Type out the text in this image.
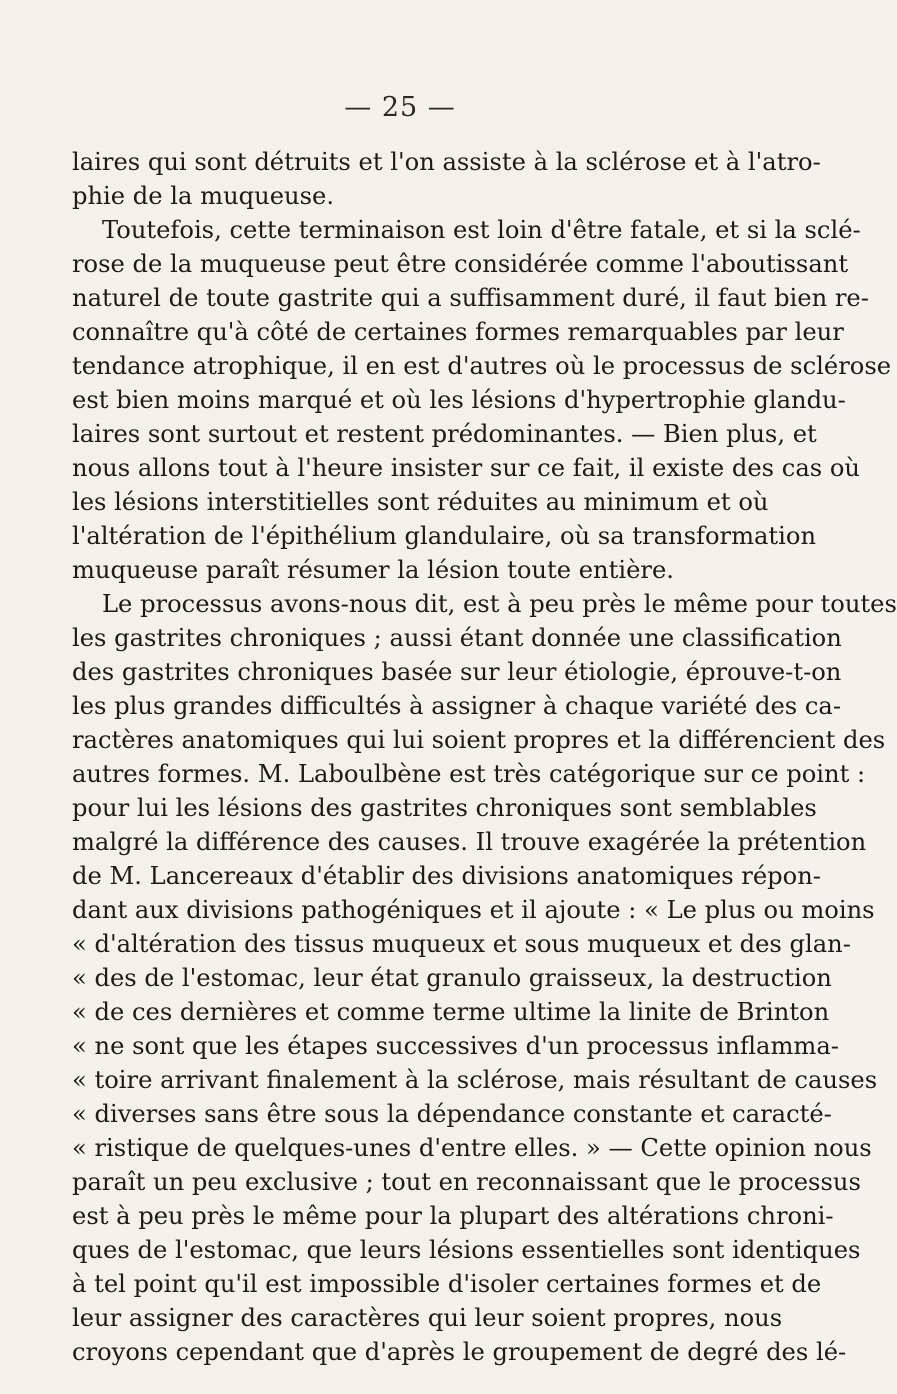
— 25 —
laires qui sont détruits et l'on assiste à la sclérose et à l'atro-
phie de la muqueuse.
Toutefois, cette terminaison est loin d'être fatale, et si la sclé-
rose de la muqueuse peut être considérée comme l'aboutissant
naturel de toute gastrite qui a suffisamment duré, il faut bien re-
connaître qu'à côté de certaines formes remarquables par leur
tendance atrophique, il en est d'autres où le processus de sclérose
est bien moins marqué et où les lésions d'hypertrophie glandu-
laires sont surtout et restent prédominantes. — Bien plus, et
nous allons tout à l'heure insister sur ce fait, il existe des cas où
les lésions interstitielles sont réduites au minimum et où
l'altération de l'épithélium glandulaire, où sa transformation
muqueuse paraît résumer la lésion toute entière.
Le processus avons-nous dit, est à peu près le même pour toutes
les gastrites chroniques ; aussi étant donnée une classification
des gastrites chroniques basée sur leur étiologie, éprouve-t-on
les plus grandes difficultés à assigner à chaque variété des ca-
ractères anatomiques qui lui soient propres et la différencient des
autres formes. M. Laboulbène est très catégorique sur ce point :
pour lui les lésions des gastrites chroniques sont semblables
malgré la différence des causes. Il trouve exagérée la prétention
de M. Lancereaux d'établir des divisions anatomiques répon-
dant aux divisions pathogéniques et il ajoute : « Le plus ou moins
« d'altération des tissus muqueux et sous muqueux et des glan-
« des de l'estomac, leur état granulo graisseux, la destruction
« de ces dernières et comme terme ultime la linite de Brinton
« ne sont que les étapes successives d'un processus inflamma-
« toire arrivant finalement à la sclérose, mais résultant de causes
« diverses sans être sous la dépendance constante et caracté-
« ristique de quelques-unes d'entre elles. » — Cette opinion nous
paraît un peu exclusive ; tout en reconnaissant que le processus
est à peu près le même pour la plupart des altérations chroni-
ques de l'estomac, que leurs lésions essentielles sont identiques
à tel point qu'il est impossible d'isoler certaines formes et de
leur assigner des caractères qui leur soient propres, nous
croyons cependant que d'après le groupement de degré des lé-
